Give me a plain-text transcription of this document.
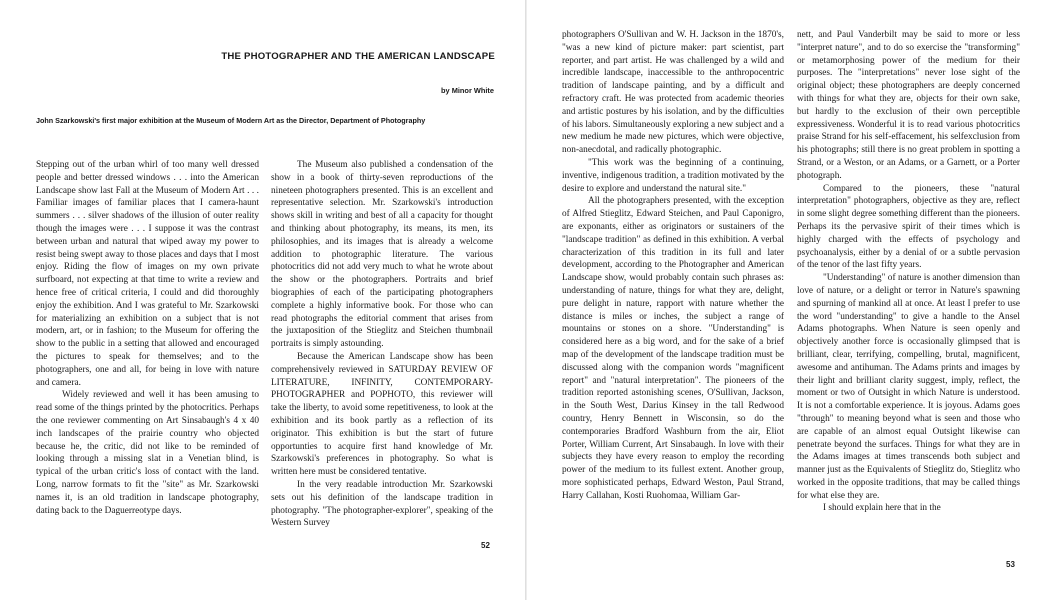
THE PHOTOGRAPHER AND THE AMERICAN LANDSCAPE
by Minor White
John Szarkowski's first major exhibition at the Museum of Modern Art as the Director, Department of Photography

Stepping out of the urban whirl of too many well dressed people and better dressed windows . . . into the American Landscape show last Fall at the Museum of Modern Art . . . Familiar images of familiar places that I camera-haunt summers . . . silver shadows of the illusion of outer reality though the images were . . . I suppose it was the contrast between urban and natural that wiped away my power to resist being swept away to those places and days that I most enjoy. Riding the flow of images on my own private surfboard, not expecting at that time to write a review and hence free of critical criteria, I could and did thoroughly enjoy the exhibition. And I was grateful to Mr. Szarkowski for materializing an exhibition on a subject that is not modern, art, or in fashion; to the Museum for offering the show to the public in a setting that allowed and encouraged the pictures to speak for themselves; and to the photographers, one and all, for being in love with nature and camera.

Widely reviewed and well it has been amusing to read some of the things printed by the photocritics. Perhaps the one reviewer commenting on Art Sinsabaugh's 4 x 40 inch landscapes of the prairie country who objected because he, the critic, did not like to be reminded of looking through a missing slat in a Venetian blind, is typical of the urban critic's loss of contact with the land. Long, narrow formats to fit the "site" as Mr. Szarkowski names it, is an old tradition in landscape photography, dating back to the Daguerreotype days.

The Museum also published a condensation of the show in a book of thirty-seven reproductions of the nineteen photographers presented. This is an excellent and representative selection. Mr. Szarkowski's introduction shows skill in writing and best of all a capacity for thought and thinking about photography, its means, its men, its philosophies, and its images that is already a welcome addition to photographic literature. The various photocritics did not add very much to what he wrote about the show or the photographers. Portraits and brief biographies of each of the participating photographers complete a highly informative book. For those who can read photographs the editorial comment that arises from the juxtaposition of the Stieglitz and Steichen thumbnail portraits is simply astounding.

Because the American Landscape show has been comprehensively reviewed in SATURDAY REVIEW OF LITERATURE, INFINITY, CONTEMPORARY-PHOTOGRAPHER and POPHOTO, this reviewer will take the liberty, to avoid some repetitiveness, to look at the exhibition and its book partly as a reflection of its originator. This exhibition is but the start of future opportunties to acquire first hand knowledge of Mr. Szarkowski's preferences in photography. So what is written here must be considered tentative.

In the very readable introduction Mr. Szarkowski sets out his definition of the landscape tradition in photography. "The photographer-explorer", speaking of the Western Survey

52

photographers O'Sullivan and W. H. Jackson in the 1870's, "was a new kind of picture maker: part scientist, part reporter, and part artist. He was challenged by a wild and incredible landscape, inaccessible to the anthropocentric tradition of landscape painting, and by a difficult and refractory craft. He was protected from academic theories and artistic postures by his isolation, and by the difficulties of his labors. Simultaneously exploring a new subject and a new medium he made new pictures, which were objective, non-anecdotal, and radically photographic.

"This work was the beginning of a continuing, inventive, indigenous tradition, a tradition motivated by the desire to explore and understand the natural site."

All the photographers presented, with the exception of Alfred Stieglitz, Edward Steichen, and Paul Caponigro, are exponants, either as originators or sustainers of the "landscape tradition" as defined in this exhibition. A verbal characterization of this tradition in its full and later development, according to the Photographer and American Landscape show, would probably contain such phrases as: understanding of nature, things for what they are, delight, pure delight in nature, rapport with nature whether the distance is miles or inches, the subject a range of mountains or stones on a shore. "Understanding" is considered here as a big word, and for the sake of a brief map of the development of the landscape tradition must be discussed along with the companion words "magnificent report" and "natural interpretation". The pioneers of the tradition reported astonishing scenes, O'Sullivan, Jackson, in the South West, Darius Kinsey in the tall Redwood country, Henry Bennett in Wisconsin, so do the contemporaries Bradford Washburn from the air, Eliot Porter, William Current, Art Sinsabaugh. In love with their subjects they have every reason to employ the recording power of the medium to its fullest extent. Another group, more sophisticated perhaps, Edward Weston, Paul Strand, Harry Callahan, Kosti Ruohomaa, William Gar-

nett, and Paul Vanderbilt may be said to more or less "interpret nature", and to do so exercise the "transforming" or metamorphosing power of the medium for their purposes. The "interpretations" never lose sight of the original object; these photographers are deeply concerned with things for what they are, objects for their own sake, but hardly to the exclusion of their own perceptible expressiveness. Wonderful it is to read various photocritics praise Strand for his self-effacement, his selfexclusion from his photographs; still there is no great problem in spotting a Strand, or a Weston, or an Adams, or a Garnett, or a Porter photograph.

Compared to the pioneers, these "natural interpretation" photographers, objective as they are, reflect in some slight degree something different than the pioneers. Perhaps its the pervasive spirit of their times which is highly charged with the effects of psychology and psychoanalysis, either by a denial of or a subtle pervasion of the tenor of the last fifty years.

"Understanding" of nature is another dimension than love of nature, or a delight or terror in Nature's spawning and spurning of mankind all at once. At least I prefer to use the word "understanding" to give a handle to the Ansel Adams photographs. When Nature is seen openly and objectively another force is occasionally glimpsed that is brilliant, clear, terrifying, compelling, brutal, magnificent, awesome and antihuman. The Adams prints and images by their light and brilliant clarity suggest, imply, reflect, the moment or two of Outsight in which Nature is understood. It is not a comfortable experience. It is joyous. Adams goes "through" to meaning beyond what is seen and those who are capable of an almost equal Outsight likewise can penetrate beyond the surfaces. Things for what they are in the Adams images at times transcends both subject and manner just as the Equivalents of Stieglitz do, Stieglitz who worked in the opposite traditions, that may be called things for what else they are.

I should explain here that in the

53
